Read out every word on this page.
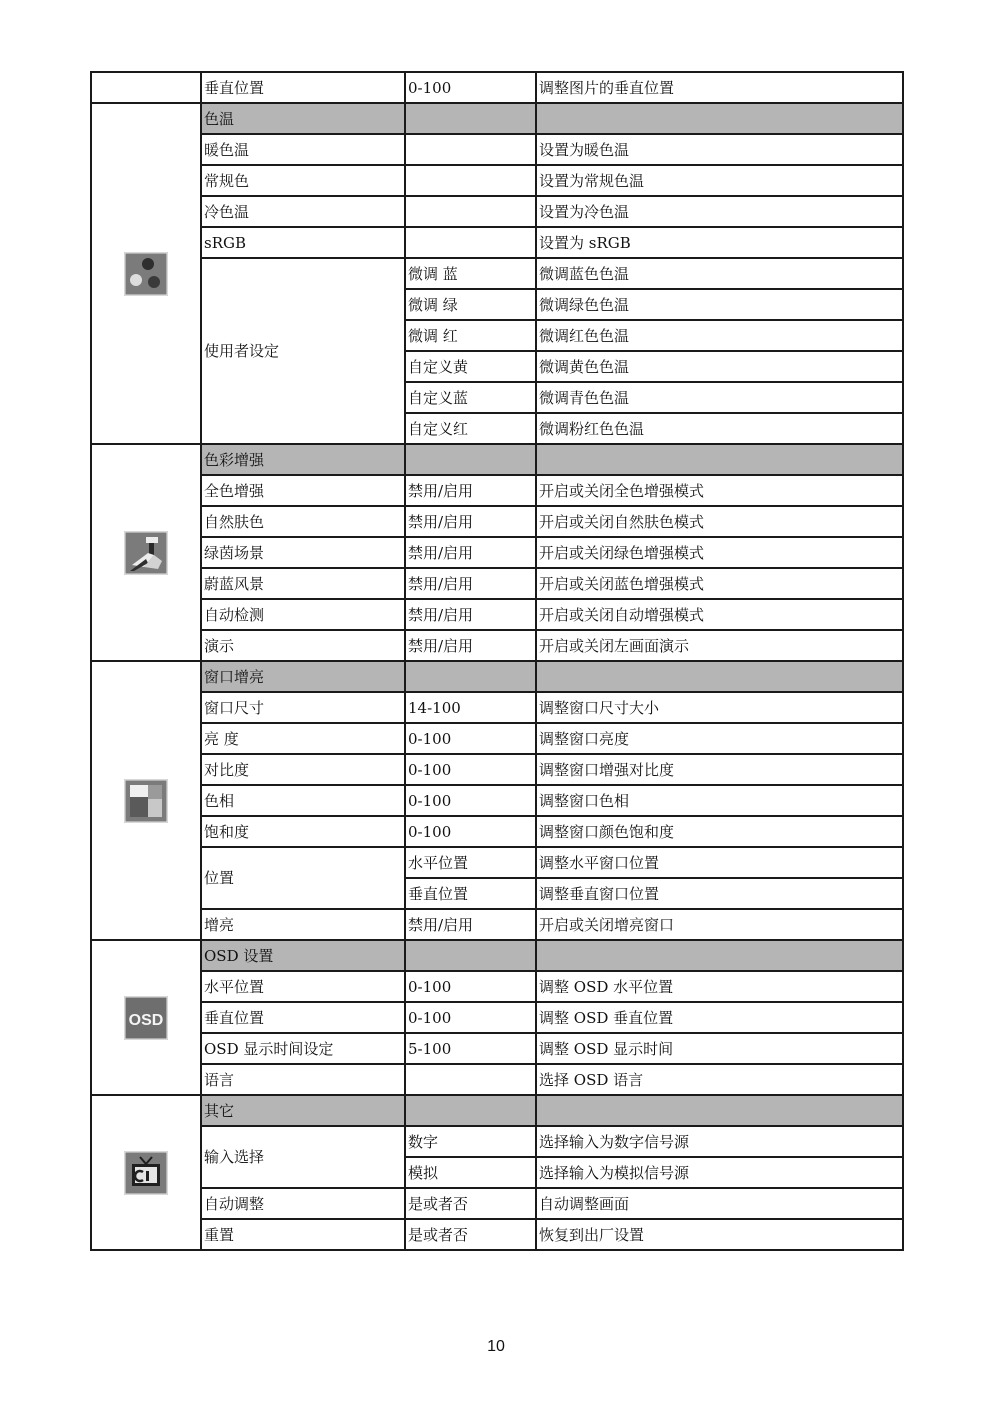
	垂直位置	0-100	调整图片的垂直位置

	色温		
	暖色温		设置为暖色温
	常规色		设置为常规色温
	冷色温		设置为冷色温
	sRGB		设置为 sRGB
	使用者设定	微调 蓝	微调蓝色色温
		微调 绿	微调绿色色温
		微调 红	微调红色色温
		自定义黄	微调黄色色温
		自定义蓝	微调青色色温
		自定义红	微调粉红色色温

	色彩增强		
	全色增强	禁用/启用	开启或关闭全色增强模式
	自然肤色	禁用/启用	开启或关闭自然肤色模式
	绿茵场景	禁用/启用	开启或关闭绿色增强模式
	蔚蓝风景	禁用/启用	开启或关闭蓝色增强模式
	自动检测	禁用/启用	开启或关闭自动增强模式
	演示	禁用/启用	开启或关闭左画面演示

	窗口增亮		
	窗口尺寸	14-100	调整窗口尺寸大小
	亮 度	0-100	调整窗口亮度
	对比度	0-100	调整窗口增强对比度
	色相	0-100	调整窗口色相
	饱和度	0-100	调整窗口颜色饱和度
	位置	水平位置	调整水平窗口位置
		垂直位置	调整垂直窗口位置
	增亮	禁用/启用	开启或关闭增亮窗口

OSD	OSD 设置		
	水平位置	0-100	调整 OSD 水平位置
	垂直位置	0-100	调整 OSD 垂直位置
	OSD 显示时间设定	5-100	调整 OSD 显示时间
	语言		选择 OSD 语言

	其它		
	输入选择	数字	选择输入为数字信号源
		模拟	选择输入为模拟信号源
	自动调整	是或者否	自动调整画面
	重置	是或者否	恢复到出厂设置
10
